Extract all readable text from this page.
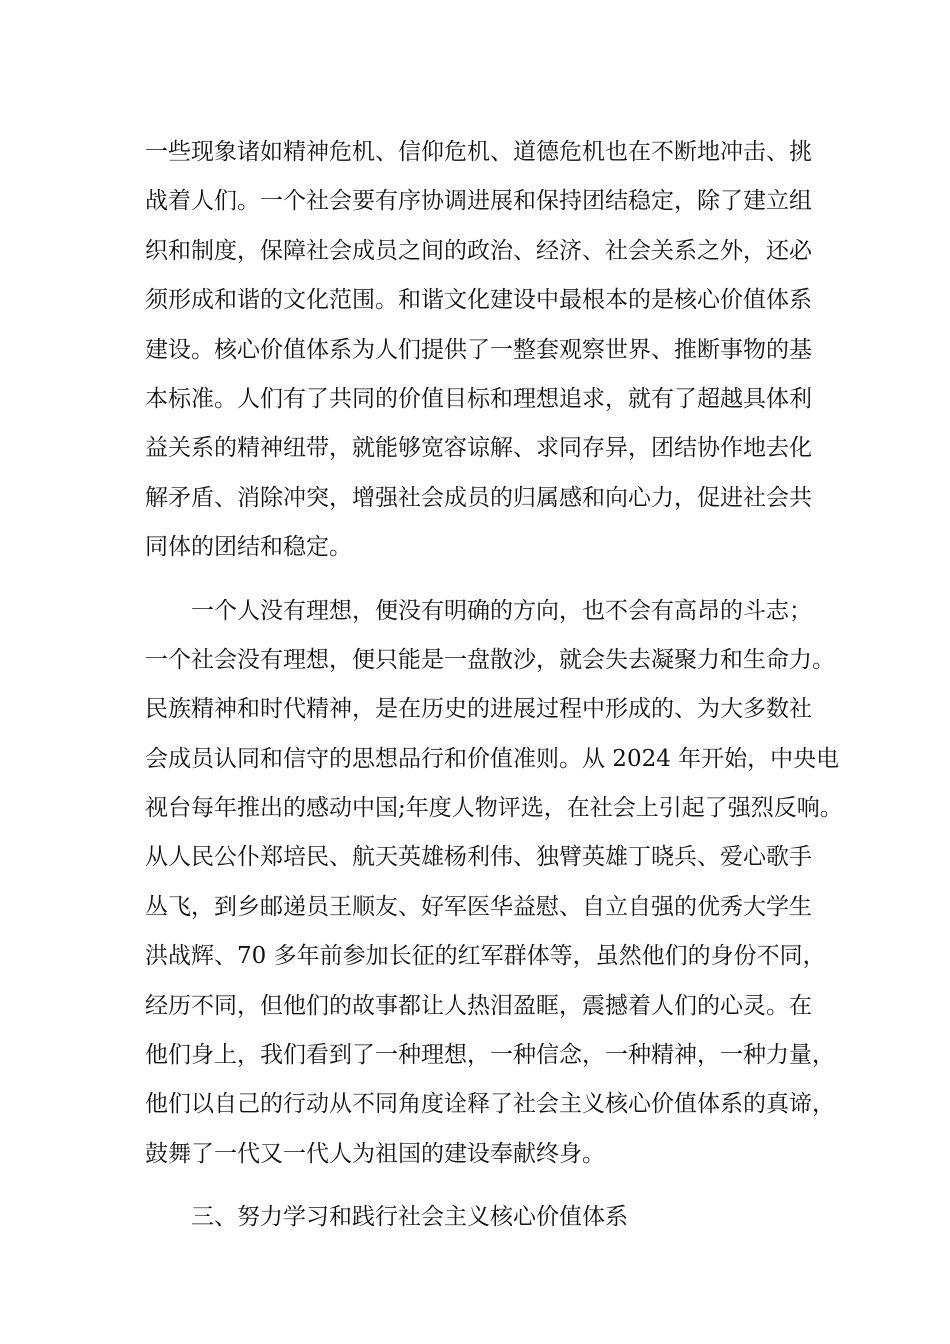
一些现象诸如精神危机、信仰危机、道德危机也在不断地冲击、挑
战着人们。一个社会要有序协调进展和保持团结稳定，除了建立组
织和制度，保障社会成员之间的政治、经济、社会关系之外，还必
须形成和谐的文化范围。和谐文化建设中最根本的是核心价值体系
建设。核心价值体系为人们提供了一整套观察世界、推断事物的基
本标准。人们有了共同的价值目标和理想追求，就有了超越具体利
益关系的精神纽带，就能够宽容谅解、求同存异，团结协作地去化
解矛盾、消除冲突，增强社会成员的归属感和向心力，促进社会共
同体的团结和稳定。
一个人没有理想，便没有明确的方向，也不会有高昂的斗志；
一个社会没有理想，便只能是一盘散沙，就会失去凝聚力和生命力。
民族精神和时代精神，是在历史的进展过程中形成的、为大多数社
会成员认同和信守的思想品行和价值准则。从 2024 年开始，中央电
视台每年推出的感动中国;年度人物评选，在社会上引起了强烈反响。
从人民公仆郑培民、航天英雄杨利伟、独臂英雄丁晓兵、爱心歌手
丛飞，到乡邮递员王顺友、好军医华益慰、自立自强的优秀大学生
洪战辉、70 多年前参加长征的红军群体等，虽然他们的身份不同，
经历不同，但他们的故事都让人热泪盈眶，震撼着人们的心灵。在
他们身上，我们看到了一种理想，一种信念，一种精神，一种力量，
他们以自己的行动从不同角度诠释了社会主义核心价值体系的真谛，
鼓舞了一代又一代人为祖国的建设奉献终身。
三、努力学习和践行社会主义核心价值体系
